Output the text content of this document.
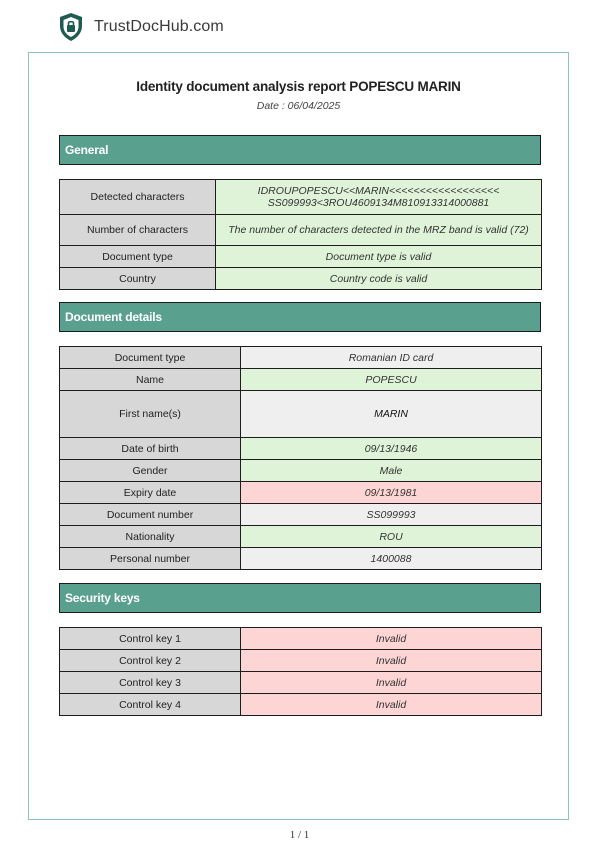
TrustDocHub.com
Identity document analysis report POPESCU MARIN
Date : 06/04/2025
General
Detected characters	IDROUPOPESCU<<MARIN<<<<<<<<<<<<<<<<<<
SS099993<3ROU4609134M810913314000881

Number of characters	The number of characters detected in the MRZ band is valid (72)
Document type	Document type is valid
Country	Country code is valid
Document details
Document type	Romanian ID card
Name	POPESCU
First name(s)	MARIN
Date of birth	09/13/1946
Gender	Male
Expiry date	09/13/1981
Document number	SS099993
Nationality	ROU
Personal number	1400088
Security keys
Control key 1	Invalid
Control key 2	Invalid
Control key 3	Invalid
Control key 4	Invalid
1 / 1
